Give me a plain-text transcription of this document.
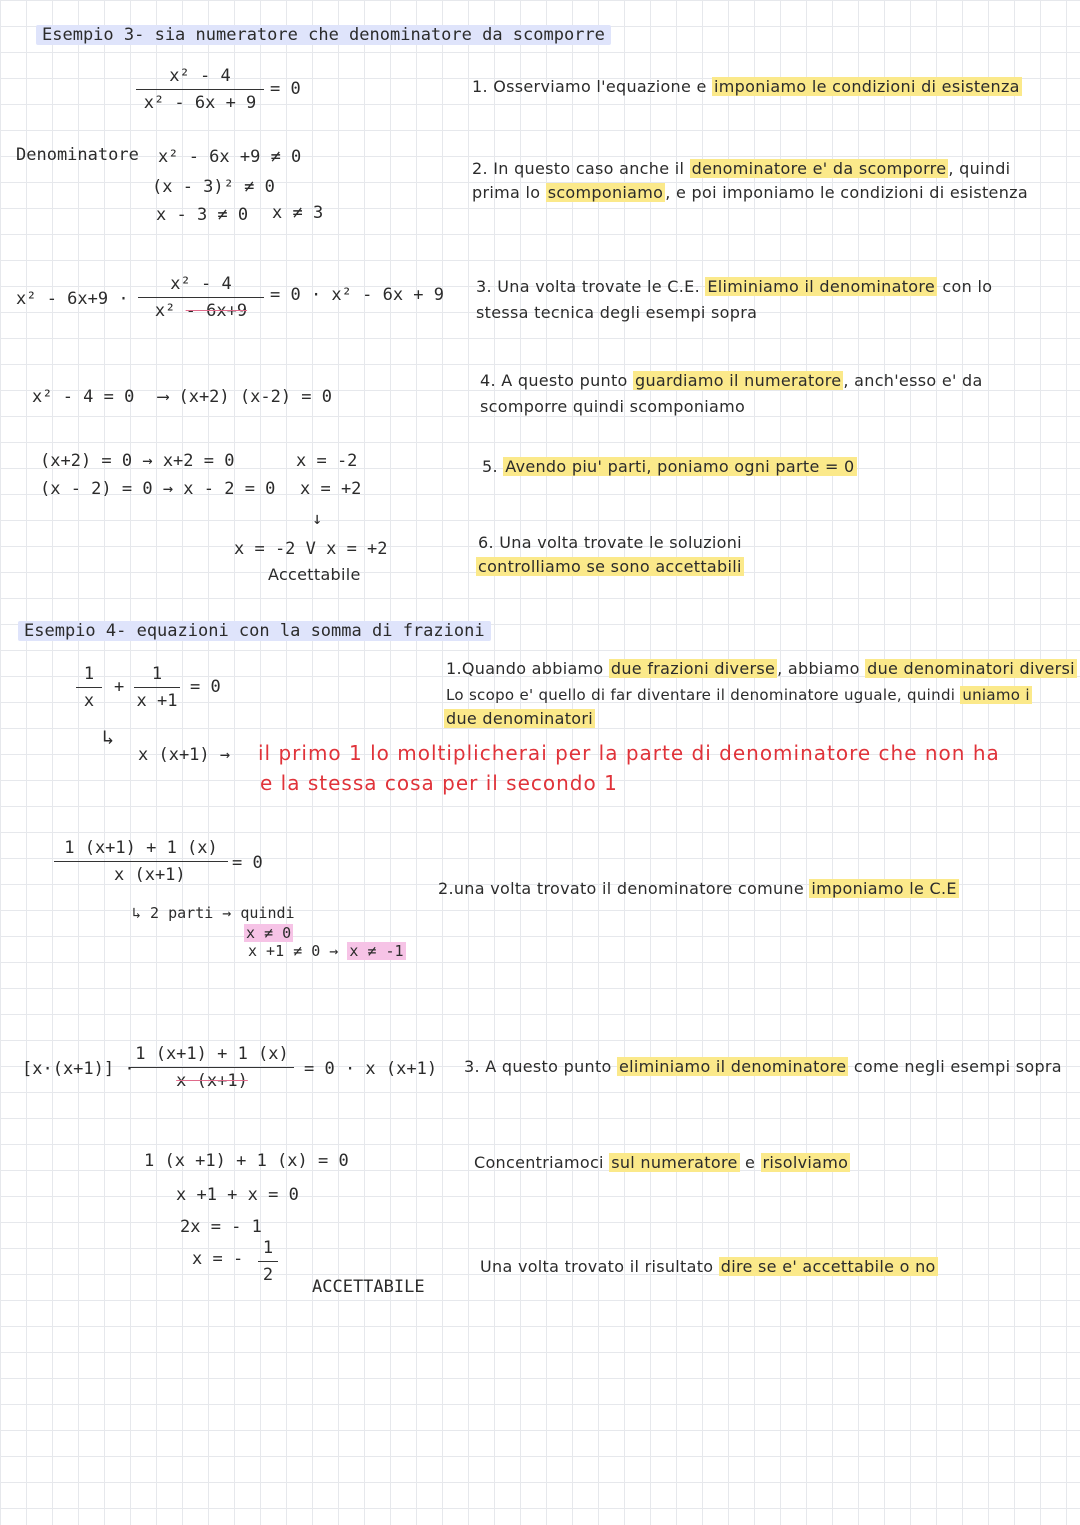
Esempio 3- sia numeratore che denominatore da scomporre
x² - 4
x² - 6x + 9
= 0
Denominatore x² - 6x +9 ≠ 0
(x - 3)² ≠ 0
x - 3 ≠ 0 x ≠ 3
x² - 6x+9 ·
x² - 4
x² - 6x+9
= 0 · x² - 6x + 9
x² - 4 = 0 ⟶ (x+2) (x-2) = 0
(x+2) = 0 → x+2 = 0	x = -2
(x - 2) = 0 → x - 2 = 0 x = +2
↓
x = -2 V x = +2
Accettabile
1. Osserviamo l'equazione e imponiamo le condizioni di esistenza
2. In questo caso anche il denominatore e' da scomporre , quindi
prima lo scomponiamo , e poi imponiamo le condizioni di esistenza
3. Una volta trovate le C.E. Eliminiamo il denominatore con lo
stessa tecnica degli esempi sopra
4. A questo punto guardiamo il numeratore , anch'esso e' da
scomporre quindi scomponiamo
5. Avendo piu' parti, poniamo ogni parte = 0
6. Una volta trovate le soluzioni
controlliamo se sono accettabili
Esempio 4- equazioni con la somma di frazioni
1
x
+
1
x +1
= 0
↳
x (x+1) → il primo 1 lo moltiplicherai per la parte di denominatore che non ha
e la stessa cosa per il secondo 1
1 (x+1) + 1 (x)
x (x+1)
= 0
↳ 2 parti → quindi
x ≠ 0
x +1 ≠ 0 → x ≠ -1
[x·(x+1)] ·
1 (x+1) + 1 (x)
x (x+1)
= 0 · x (x+1)
1 (x +1) + 1 (x) = 0
x +1 + x = 0
2x = - 1
x = -
1
2
ACCETTABILE
1.Quando abbiamo due frazioni diverse , abbiamo due denominatori diversi
Lo scopo e' quello di far diventare il denominatore uguale, quindi uniamo i
due denominatori
2.una volta trovato il denominatore comune imponiamo le C.E
3. A questo punto eliminiamo il denominatore come negli esempi sopra
Concentriamoci sul numeratore e risolviamo
Una volta trovato il risultato dire se e' accettabile o no
